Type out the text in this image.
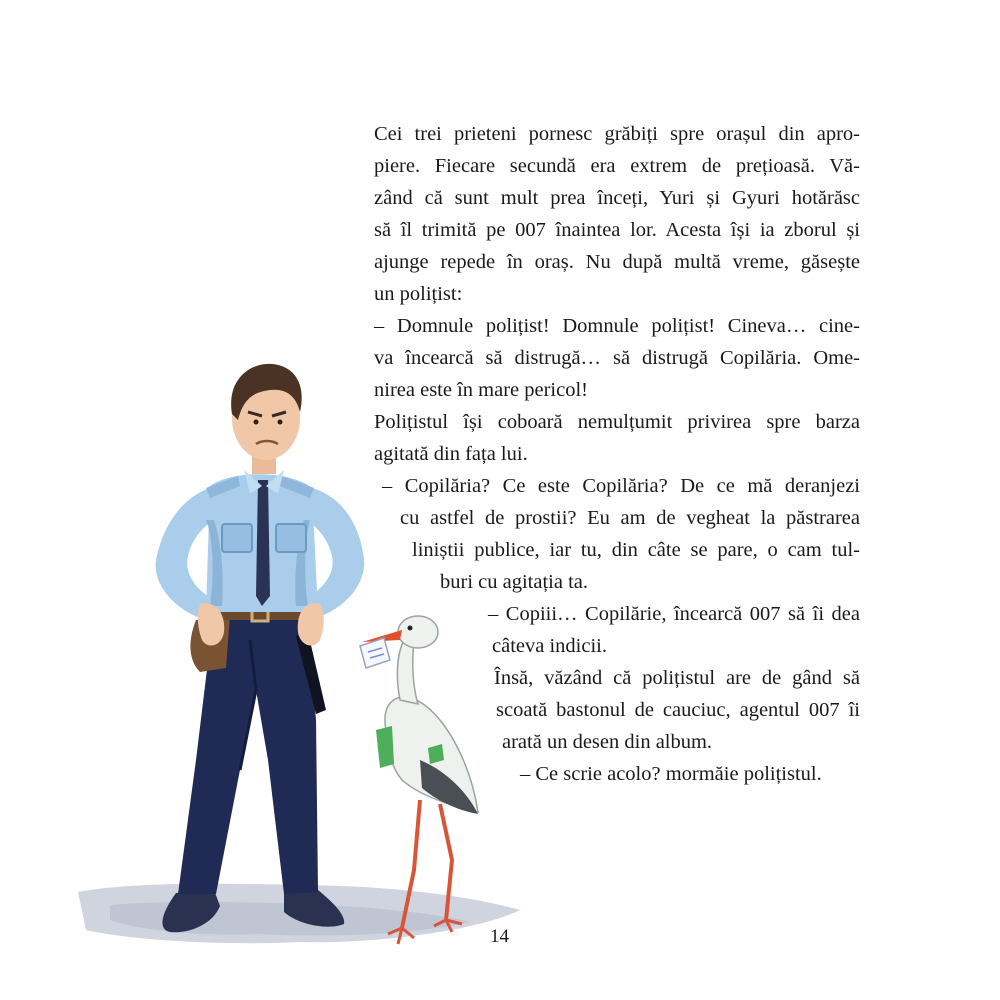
Cei trei prieteni pornesc grăbiți spre orașul din apro-
piere. Fiecare secundă era extrem de prețioasă. Vă-
zând că sunt mult prea înceți, Yuri și Gyuri hotărăsc
să îl trimită pe 007 înaintea lor. Acesta își ia zborul și
ajunge repede în oraș. Nu după multă vreme, găsește
un polițist:
– Domnule polițist! Domnule polițist! Cineva… cine-
va încearcă să distrugă… să distrugă Copilăria. Ome-
nirea este în mare pericol!
Polițistul își coboară nemulțumit privirea spre barza
agitată din fața lui.
– Copilăria? Ce este Copilăria? De ce mă deranjezi
cu astfel de prostii? Eu am de vegheat la păstrarea
liniștii publice, iar tu, din câte se pare, o cam tul-
buri cu agitația ta.
– Copiii… Copilărie, încearcă 007 să îi dea
câteva indicii.
Însă, văzând că polițistul are de gând să
scoată bastonul de cauciuc, agentul 007 îi
arată un desen din album.
– Ce scrie acolo? mormăie polițistul.
14
